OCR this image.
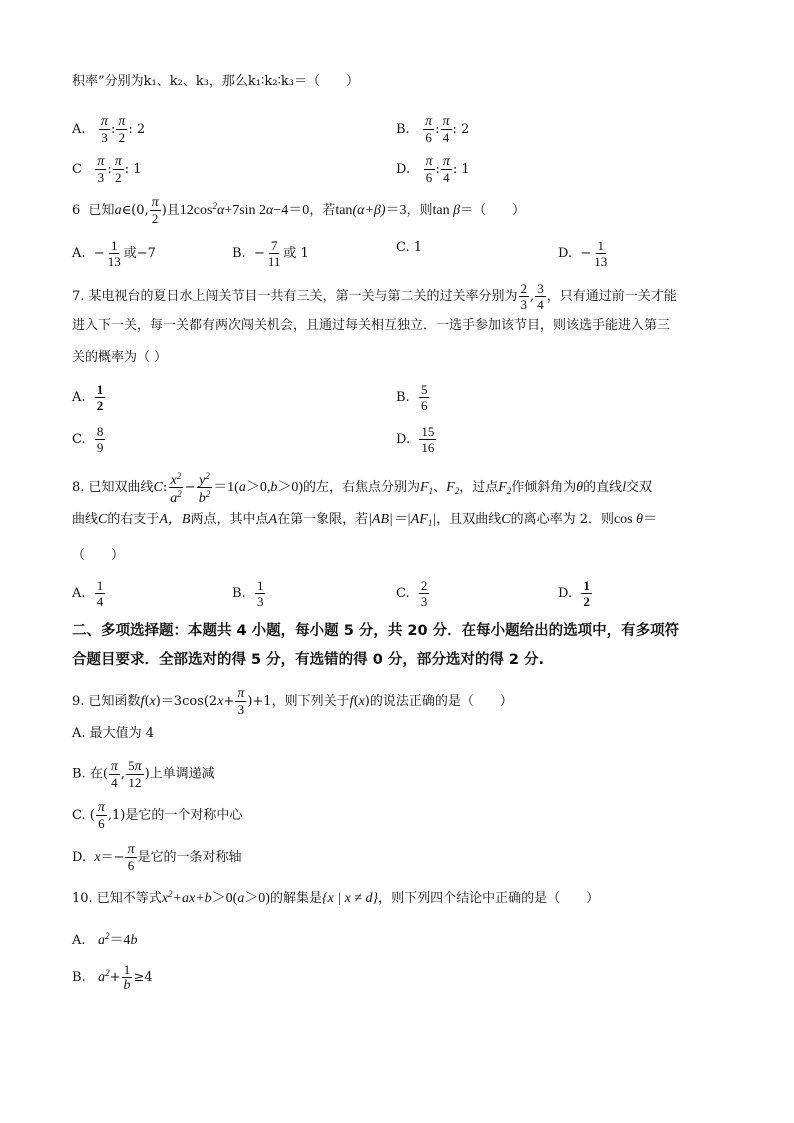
积率”分别为k₁、k₂、k₃，那么k₁∶k₂∶k₃＝（　　）
A. $\frac{\pi}{3}$ : $\frac{\pi}{2}$ : 2	B. $\frac{\pi}{6}$ : $\frac{\pi}{4}$ : 2
C $\frac{\pi}{3}$ : $\frac{\pi}{2}$ : 1	D. $\frac{\pi}{6}$ : $\frac{\pi}{4}$ : 1
6 已知a∈(0, $\frac{\pi}{2}$ )且$12\cos^2\alpha+7\sin$ 2α−4＝0，若tan(α+β)＝3，则tan β＝（　　）
A.  − $\frac{1}{13}$ 或−7	B.  − $\frac{7}{11}$ 或 1	C. 1	D.  − $\frac{1}{13}$
7. 某电视台的夏日水上闯关节目一共有三关，第一关与第二关的过关率分别为 $\frac{2}{3}$ , $\frac{3}{4}$ ，只有通过前一关才能
进入下一关，每一关都有两次闯关机会，且通过每关相互独立．一选手参加该节目，则该选手能进入第三
关的概率为（ ）
A. $\frac{1}{2}$	B. $\frac{5}{6}$
C. $\frac{8}{9}$	D. $\frac{15}{16}$
8. 已知双曲线C: $\frac{x^2}{a^2} - \frac{y^2}{b^2} =1(a>0,b>0)$的左，右焦点分别为$F_1$、$F_2$，过点$F_2$作倾斜角为θ的直线l交双
曲线C的右支于A，B两点，其中点A在第一象限，若$|AB|=|AF_1|$，且双曲线C的离心率为 2．则cos θ＝
（　　）
A. $\frac{1}{4}$	B. $\frac{1}{3}$	C. $\frac{2}{3}$	D. $\frac{1}{2}$
二、多项选择题：本题共 4 小题，每小题 5 分，共 20 分．在每小题给出的选项中，有多项符
合题目要求．全部选对的得 5 分，有选错的得 0 分，部分选对的得 2 分.
9. 已知函数$f(x)=3\cos(2x+ \frac{\pi}{3} )+1$，则下列关于f(x)的说法正确的是（　　）
A. 最大值为 4
B. 在( $\frac{\pi}{4}$ , $\frac{5\pi}{12}$ )上单调递减
C. ( $\frac{\pi}{6} ,1$)是它的一个对称中心
D. $x=- \frac{\pi}{6}$ 是它的一条对称轴
10. 已知不等式$x^2+ax+b>0(a>0)$的解集是{x | x ≠ d}，则下列四个结论中正确的是（　　）
A. $a^2=4b$
B. $a^2+ \frac{1}{b} \ge 4$
